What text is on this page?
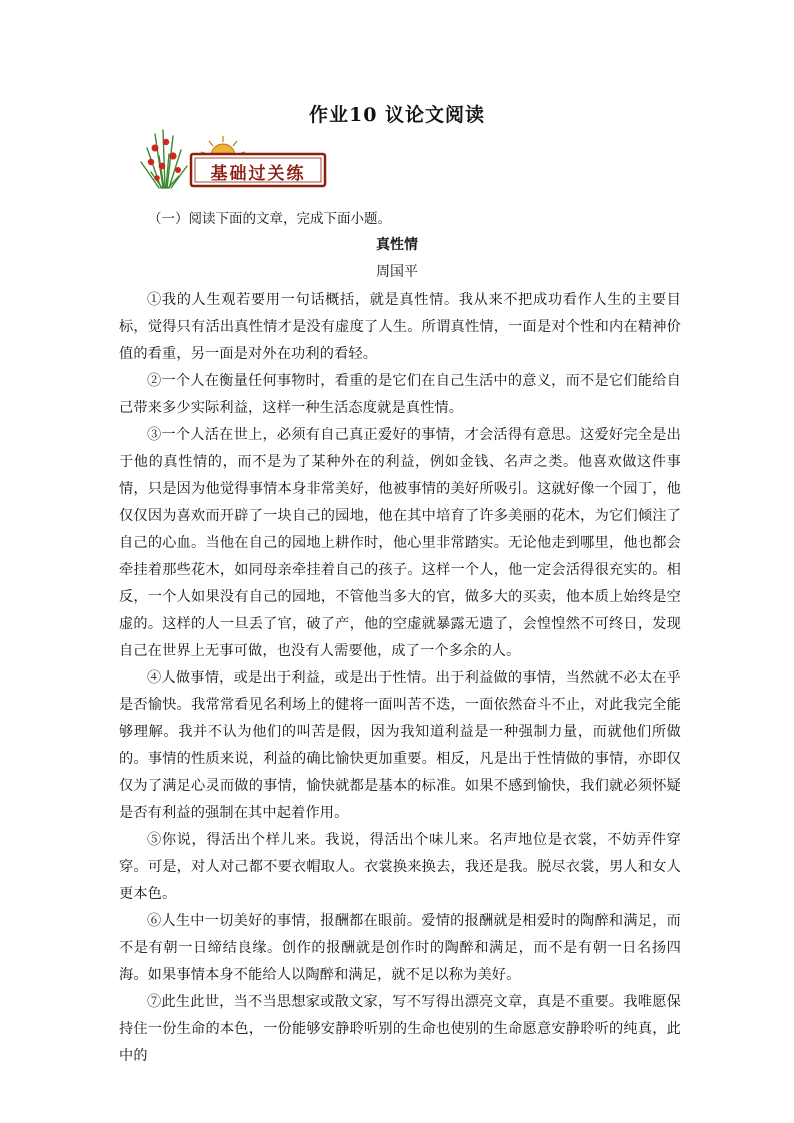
作业10 议论文阅读
基础过关练
（一）阅读下面的文章，完成下面小题。
真性情
周国平

①我的人生观若要用一句话概括，就是真性情。我从来不把成功看作人生的主要目标，觉得只有活出真性情才是没有虚度了人生。所谓真性情，一面是对个性和内在精神价值的看重，另一面是对外在功利的看轻。

②一个人在衡量任何事物时，看重的是它们在自己生活中的意义，而不是它们能给自己带来多少实际利益，这样一种生活态度就是真性情。

③一个人活在世上，必须有自己真正爱好的事情，才会活得有意思。这爱好完全是出于他的真性情的，而不是为了某种外在的利益，例如金钱、名声之类。他喜欢做这件事情，只是因为他觉得事情本身非常美好，他被事情的美好所吸引。这就好像一个园丁，他仅仅因为喜欢而开辟了一块自己的园地，他在其中培育了许多美丽的花木，为它们倾注了自己的心血。当他在自己的园地上耕作时，他心里非常踏实。无论他走到哪里，他也都会牵挂着那些花木，如同母亲牵挂着自己的孩子。这样一个人，他一定会活得很充实的。相反，一个人如果没有自己的园地，不管他当多大的官，做多大的买卖，他本质上始终是空虚的。这样的人一旦丢了官，破了产，他的空虚就暴露无遗了，会惶惶然不可终日，发现自己在世界上无事可做，也没有人需要他，成了一个多余的人。

④人做事情，或是出于利益，或是出于性情。出于利益做的事情，当然就不必太在乎是否愉快。我常常看见名利场上的健将一面叫苦不迭，一面依然奋斗不止，对此我完全能够理解。我并不认为他们的叫苦是假，因为我知道利益是一种强制力量，而就他们所做的。事情的性质来说，利益的确比愉快更加重要。相反，凡是出于性情做的事情，亦即仅仅为了满足心灵而做的事情，愉快就都是基本的标准。如果不感到愉快，我们就必须怀疑是否有利益的强制在其中起着作用。

⑤你说，得活出个样儿来。我说，得活出个味儿来。名声地位是衣裳，不妨弄件穿穿。可是，对人对己都不要衣帽取人。衣裳换来换去，我还是我。脱尽衣裳，男人和女人更本色。

⑥人生中一切美好的事情，报酬都在眼前。爱情的报酬就是相爱时的陶醉和满足，而不是有朝一日缔结良缘。创作的报酬就是创作时的陶醉和满足，而不是有朝一日名扬四海。如果事情本身不能给人以陶醉和满足，就不足以称为美好。

⑦此生此世，当不当思想家或散文家，写不写得出漂亮文章，真是不重要。我唯愿保持住一份生命的本色，一份能够安静聆听别的生命也使别的生命愿意安静聆听的纯真，此中的
